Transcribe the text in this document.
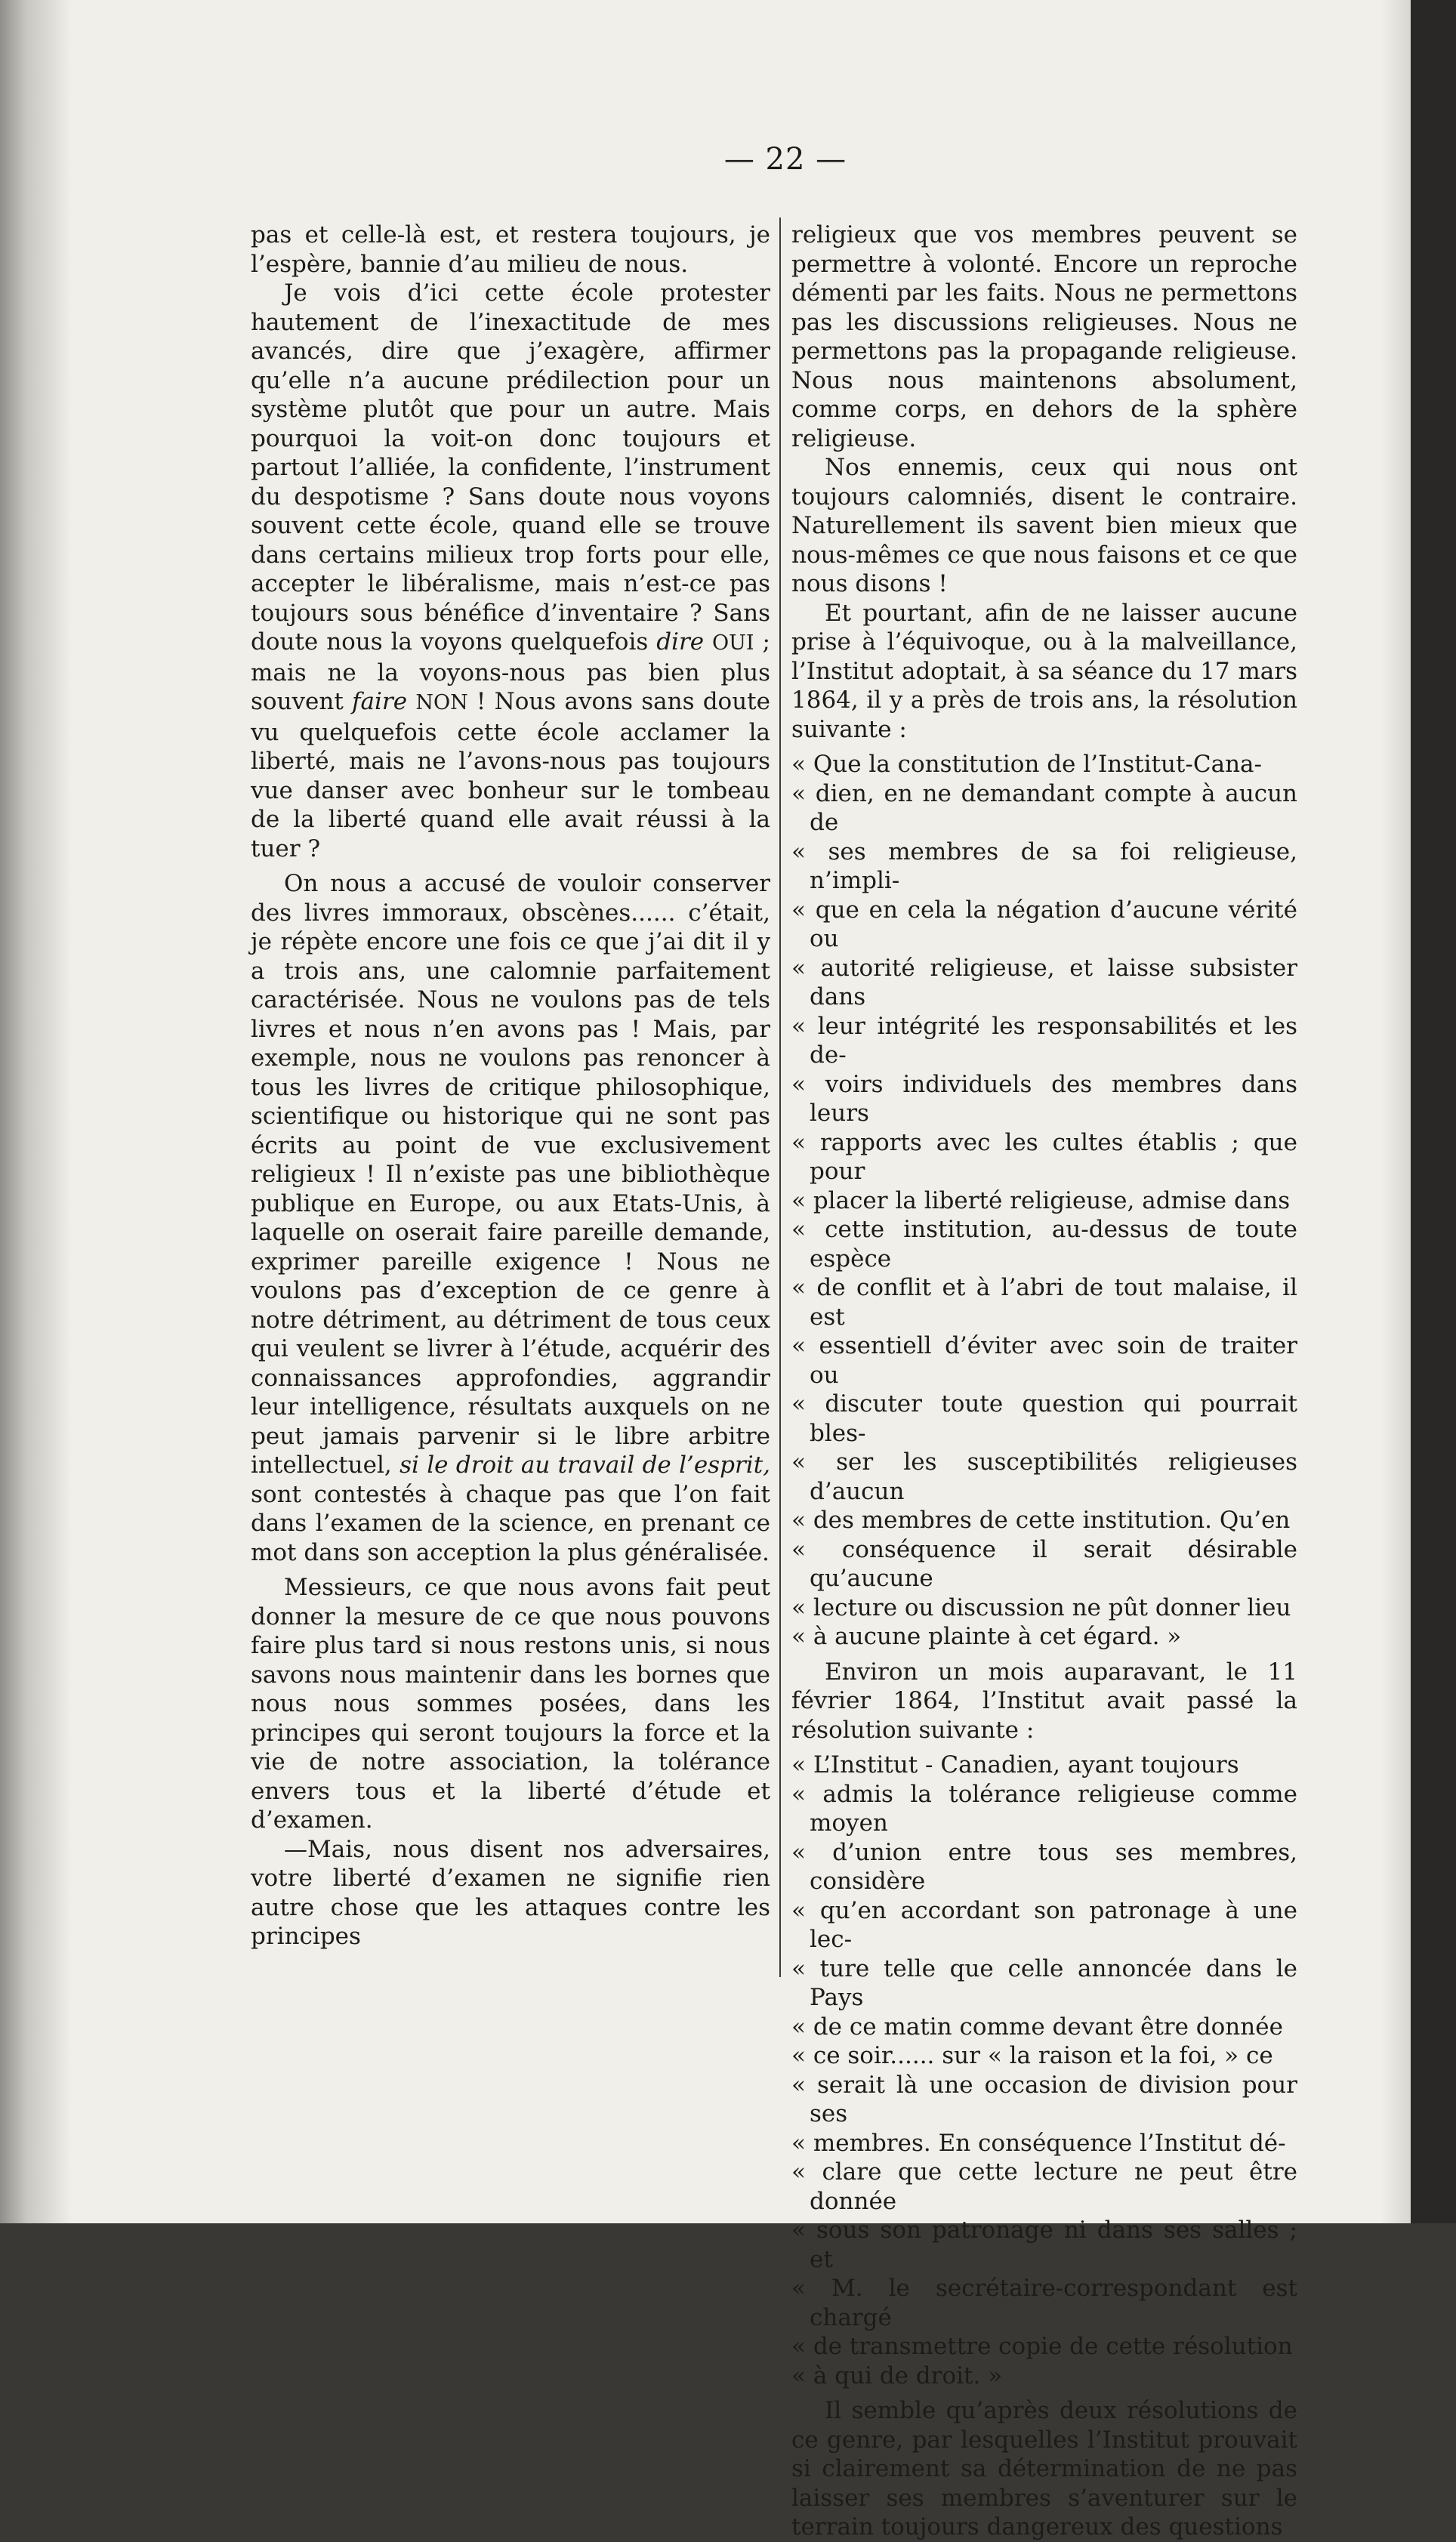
— 22 —

pas et celle-là est, et restera toujours, je l’espère, bannie d’au milieu de nous.

Je vois d’ici cette école protester hautement de l’inexactitude de mes avancés, dire que j’exagère, affirmer qu’elle n’a aucune prédilection pour un système plutôt que pour un autre. Mais pourquoi la voit-on donc toujours et partout l’alliée, la confidente, l’instrument du despotisme ? Sans doute nous voyons souvent cette école, quand elle se trouve dans certains milieux trop forts pour elle, accepter le libéralisme, mais n’est-ce pas toujours sous bénéfice d’inventaire ? Sans doute nous la voyons quelquefois dire OUI ; mais ne la voyons-nous pas bien plus souvent faire NON ! Nous avons sans doute vu quelquefois cette école acclamer la liberté, mais ne l’avons-nous pas toujours vue danser avec bonheur sur le tombeau de la liberté quand elle avait réussi à la tuer ?

On nous a accusé de vouloir conserver des livres immoraux, obscènes...... c’était, je répète encore une fois ce que j’ai dit il y a trois ans, une calomnie parfaitement caractérisée. Nous ne voulons pas de tels livres et nous n’en avons pas ! Mais, par exemple, nous ne voulons pas renoncer à tous les livres de critique philosophique, scientifique ou historique qui ne sont pas écrits au point de vue exclusivement religieux ! Il n’existe pas une bibliothèque publique en Europe, ou aux Etats-Unis, à laquelle on oserait faire pareille demande, exprimer pareille exigence ! Nous ne voulons pas d’exception de ce genre à notre détriment, au détriment de tous ceux qui veulent se livrer à l’étude, acquérir des connaissances approfondies, aggrandir leur intelligence, résultats auxquels on ne peut jamais parvenir si le libre arbitre intellectuel, si le droit au travail de l’esprit, sont contestés à chaque pas que l’on fait dans l’examen de la science, en prenant ce mot dans son acception la plus généralisée.

Messieurs, ce que nous avons fait peut donner la mesure de ce que nous pouvons faire plus tard si nous restons unis, si nous savons nous maintenir dans les bornes que nous nous sommes posées, dans les principes qui seront toujours la force et la vie de notre association, la tolérance envers tous et la liberté d’étude et d’examen.

—Mais, nous disent nos adversaires, votre liberté d’examen ne signifie rien autre chose que les attaques contre les principes

religieux que vos membres peuvent se permettre à volonté. Encore un reproche démenti par les faits. Nous ne permettons pas les discussions religieuses. Nous ne permettons pas la propagande religieuse. Nous nous maintenons absolument, comme corps, en dehors de la sphère religieuse.

Nos ennemis, ceux qui nous ont toujours calomniés, disent le contraire. Naturellement ils savent bien mieux que nous-mêmes ce que nous faisons et ce que nous disons !

Et pourtant, afin de ne laisser aucune prise à l’équivoque, ou à la malveillance, l’Institut adoptait, à sa séance du 17 mars 1864, il y a près de trois ans, la résolution suivante :

« Que la constitution de l’Institut-Cana-
« dien, en ne demandant compte à aucun de
« ses membres de sa foi religieuse, n’impli-
« que en cela la négation d’aucune vérité ou
« autorité religieuse, et laisse subsister dans
« leur intégrité les responsabilités et les de-
« voirs individuels des membres dans leurs
« rapports avec les cultes établis ; que pour
« placer la liberté religieuse, admise dans
« cette institution, au-dessus de toute espèce
« de conflit et à l’abri de tout malaise, il est
« essentiell d’éviter avec soin de traiter ou
« discuter toute question qui pourrait bles-
« ser les susceptibilités religieuses d’aucun
« des membres de cette institution. Qu’en
« conséquence il serait désirable qu’aucune
« lecture ou discussion ne pût donner lieu
« à aucune plainte à cet égard. »

Environ un mois auparavant, le 11 février 1864, l’Institut avait passé la résolution suivante :

« L’Institut - Canadien, ayant toujours
« admis la tolérance religieuse comme moyen
« d’union entre tous ses membres, considère
« qu’en accordant son patronage à une lec-
« ture telle que celle annoncée dans le Pays
« de ce matin comme devant être donnée
« ce soir...... sur « la raison et la foi, » ce
« serait là une occasion de division pour ses
« membres. En conséquence l’Institut dé-
« clare que cette lecture ne peut être donnée
« sous son patronage ni dans ses salles ; et
« M. le secrétaire-correspondant est chargé
« de transmettre copie de cette résolution
« à qui de droit. »

Il semble qu’après deux résolutions de ce genre, par lesquelles l’Institut prouvait si clairement sa détermination de ne pas laisser ses membres s’aventurer sur le terrain toujours dangereux des questions
